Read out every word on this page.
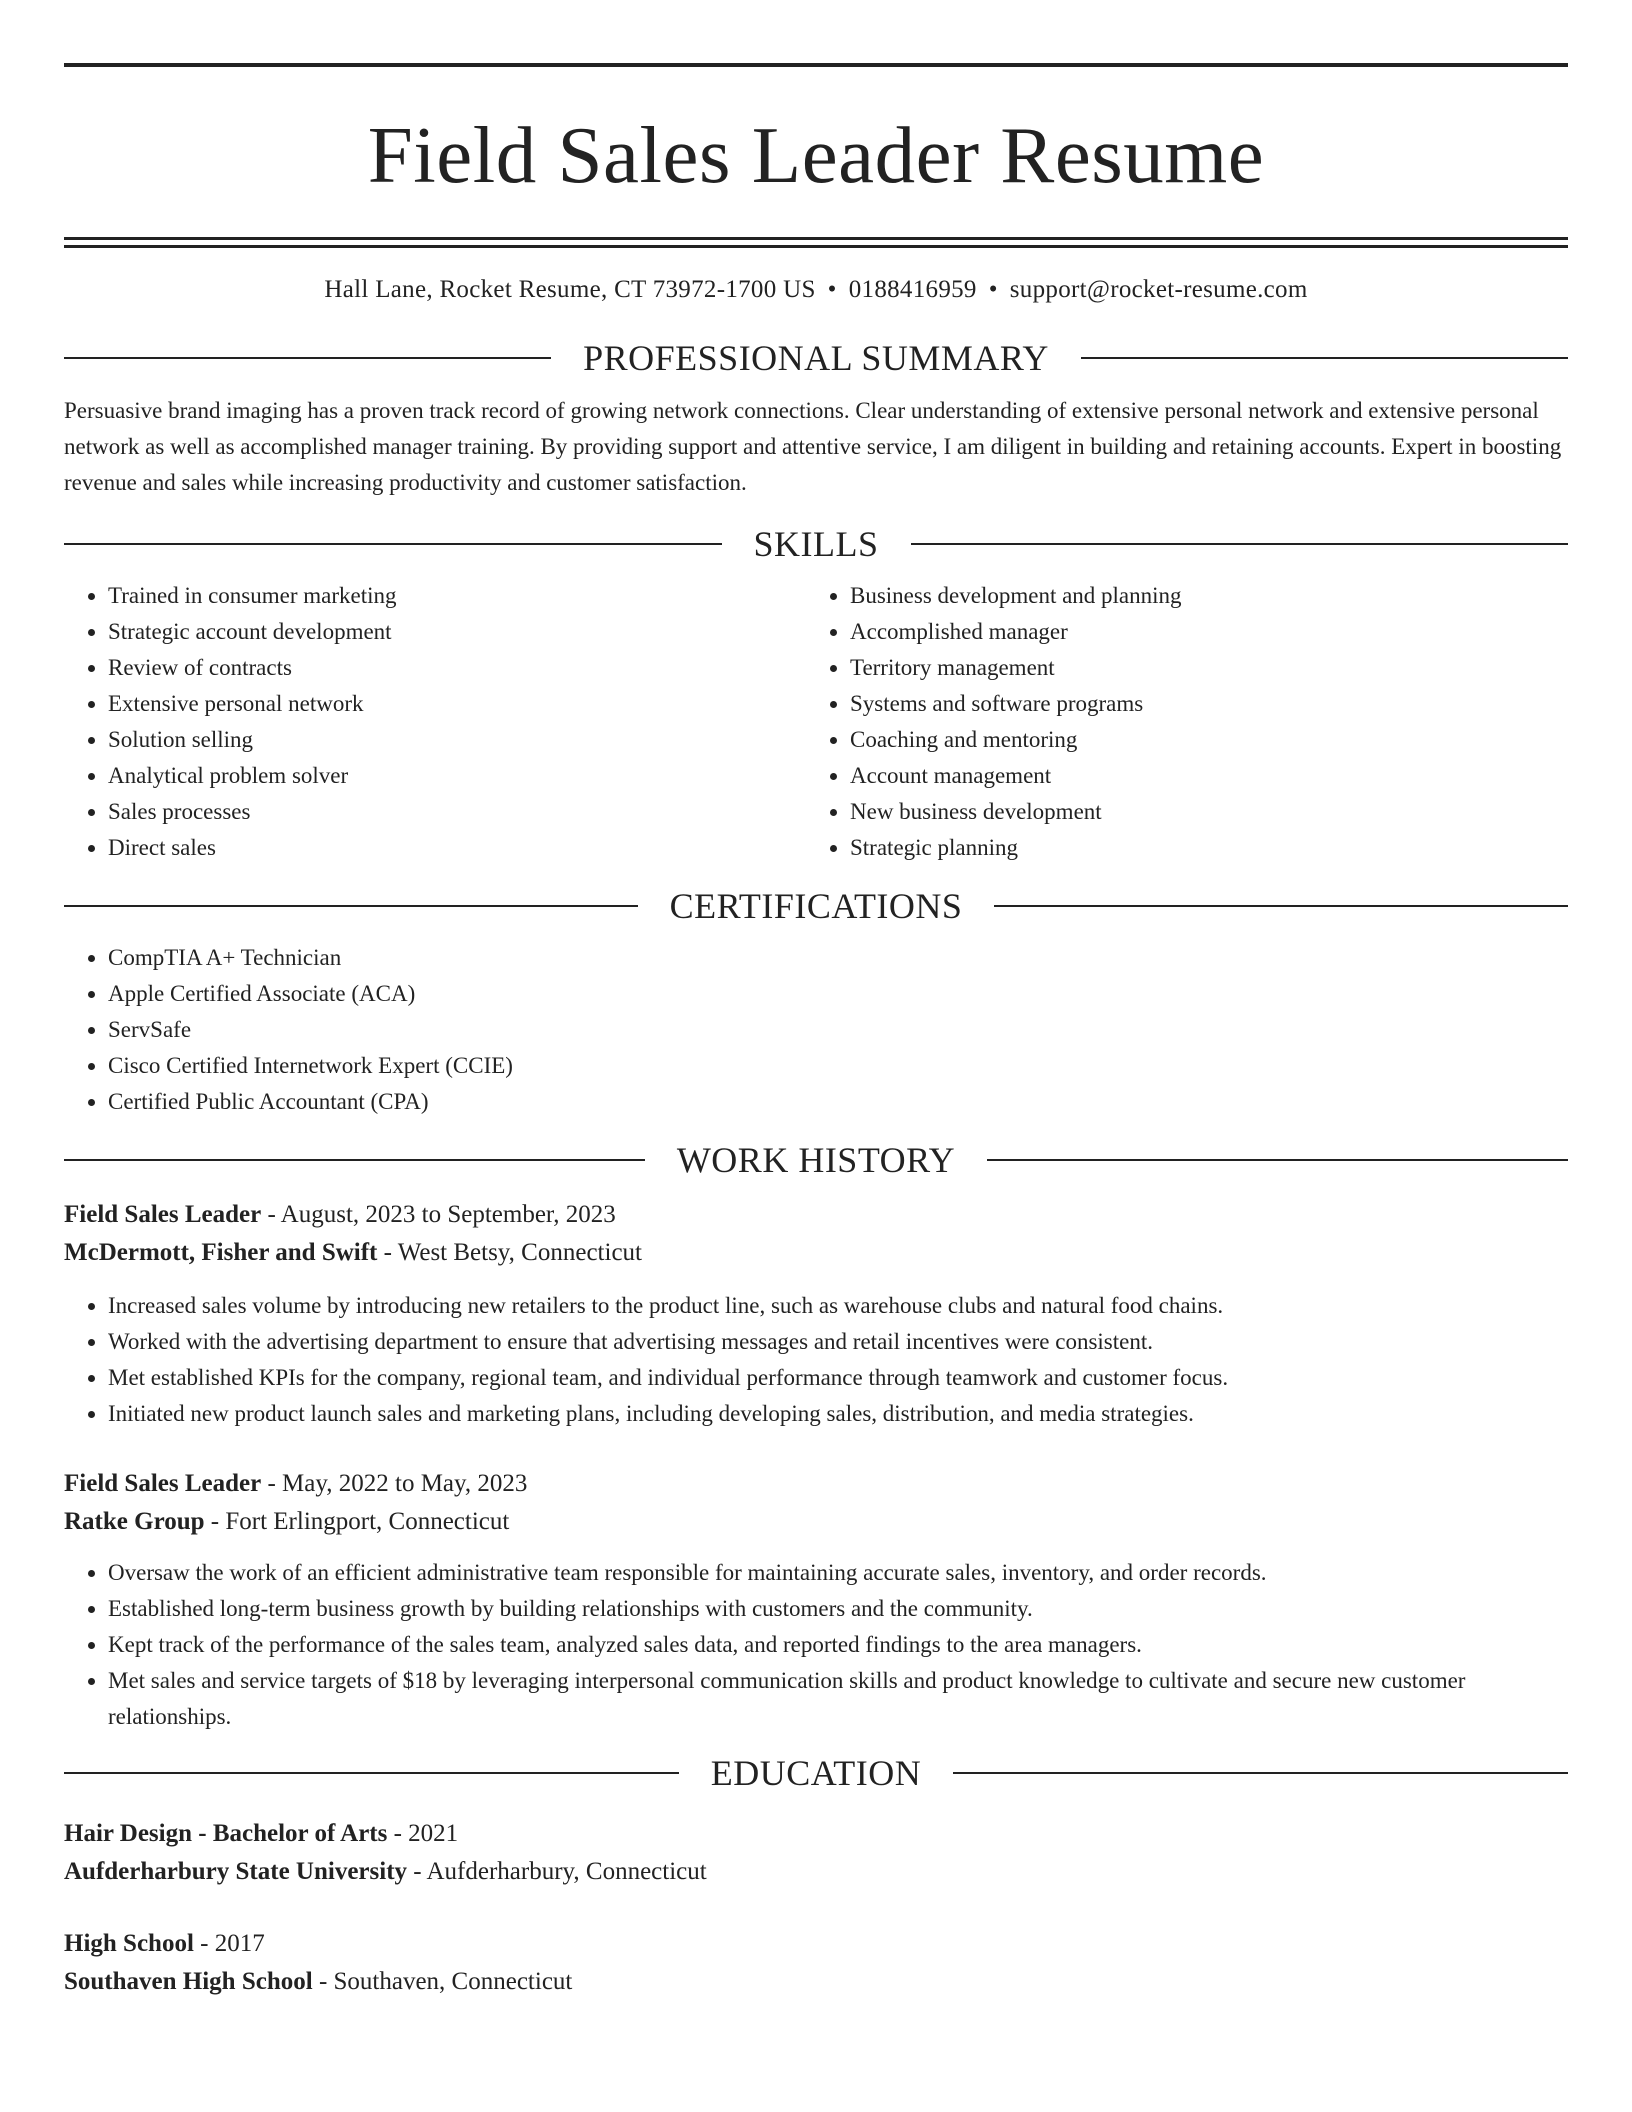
Field Sales Leader Resume
Hall Lane, Rocket Resume, CT 73972-1700 US • 0188416959 • support@rocket-resume.com
PROFESSIONAL SUMMARY

Persuasive brand imaging has a proven track record of growing network connections. Clear understanding of extensive personal network and extensive personal network as well as accomplished manager training. By providing support and attentive service, I am diligent in building and retaining accounts. Expert in boosting revenue and sales while increasing productivity and customer satisfaction.

SKILLS
• Trained in consumer marketing
• Strategic account development
• Review of contracts
• Extensive personal network
• Solution selling
• Analytical problem solver
• Sales processes
• Direct sales
• Business development and planning
• Accomplished manager
• Territory management
• Systems and software programs
• Coaching and mentoring
• Account management
• New business development
• Strategic planning
CERTIFICATIONS
• CompTIA A+ Technician
• Apple Certified Associate (ACA)
• ServSafe
• Cisco Certified Internetwork Expert (CCIE)
• Certified Public Accountant (CPA)
WORK HISTORY
Field Sales Leader - August, 2023 to September, 2023
McDermott, Fisher and Swift - West Betsy, Connecticut
• Increased sales volume by introducing new retailers to the product line, such as warehouse clubs and natural food chains.
• Worked with the advertising department to ensure that advertising messages and retail incentives were consistent.
• Met established KPIs for the company, regional team, and individual performance through teamwork and customer focus.
• Initiated new product launch sales and marketing plans, including developing sales, distribution, and media strategies.
Field Sales Leader - May, 2022 to May, 2023
Ratke Group - Fort Erlingport, Connecticut
• Oversaw the work of an efficient administrative team responsible for maintaining accurate sales, inventory, and order records.
• Established long-term business growth by building relationships with customers and the community.
• Kept track of the performance of the sales team, analyzed sales data, and reported findings to the area managers.
• Met sales and service targets of $18 by leveraging interpersonal communication skills and product knowledge to cultivate and secure new customer relationships.
EDUCATION
Hair Design - Bachelor of Arts - 2021
Aufderharbury State University - Aufderharbury, Connecticut
High School - 2017
Southaven High School - Southaven, Connecticut
